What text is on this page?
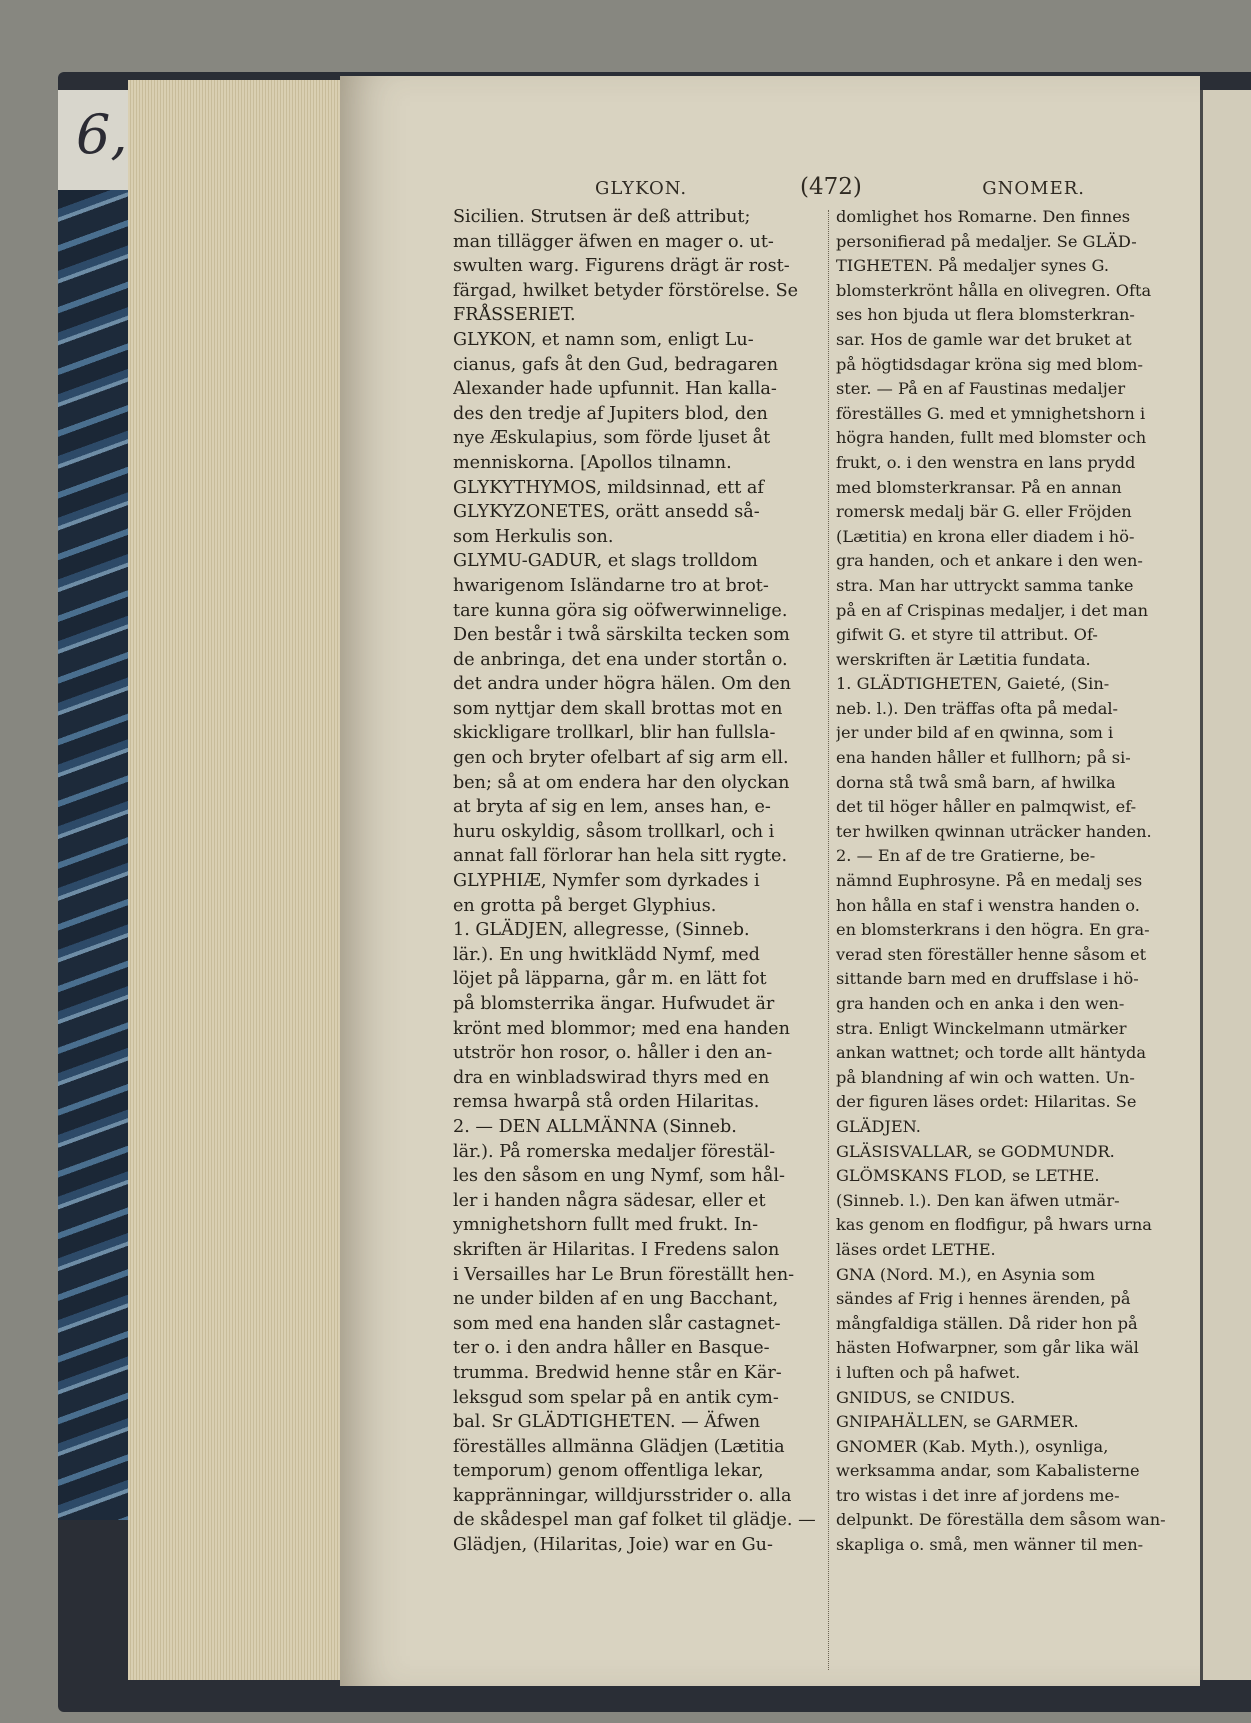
6,
GLYKON.	(472)	GNOMER.
Sicilien. Strutsen är deß attribut;
man tillägger äfwen en mager o. ut-
swulten warg. Figurens drägt är rost-
färgad, hwilket betyder förstörelse. Se
FRÅSSERIET.
GLYKON, et namn som, enligt Lu-
cianus, gafs åt den Gud, bedragaren
Alexander hade upfunnit. Han kalla-
des den tredje af Jupiters blod, den
nye Æskulapius, som förde ljuset åt
menniskorna. [Apollos tilnamn.
GLYKYTHYMOS, mildsinnad, ett af
GLYKYZONETES, orätt ansedd så-
som Herkulis son.
GLYMU-GADUR, et slags trolldom
hwarigenom Isländarne tro at brot-
tare kunna göra sig oöfwerwinnelige.
Den består i twå särskilta tecken som
de anbringa, det ena under stortån o.
det andra under högra hälen. Om den
som nyttjar dem skall brottas mot en
skickligare trollkarl, blir han fullsla-
gen och bryter ofelbart af sig arm ell.
ben; så at om endera har den olyckan
at bryta af sig en lem, anses han, e-
huru oskyldig, såsom trollkarl, och i
annat fall förlorar han hela sitt rygte.
GLYPHIÆ, Nymfer som dyrkades i
en grotta på berget Glyphius.
1. GLÄDJEN, allegresse, (Sinneb.
lär.). En ung hwitklädd Nymf, med
löjet på läpparna, går m. en lätt fot
på blomsterrika ängar. Hufwudet är
krönt med blommor; med ena handen
utströr hon rosor, o. håller i den an-
dra en winbladswirad thyrs med en
remsa hwarpå stå orden Hilaritas.
2. — DEN ALLMÄNNA (Sinneb.
lär.). På romerska medaljer förestäl-
les den såsom en ung Nymf, som hål-
ler i handen några sädesar, eller et
ymnighetshorn fullt med frukt. In-
skriften är Hilaritas. I Fredens salon
i Versailles har Le Brun föreställt hen-
ne under bilden af en ung Bacchant,
som med ena handen slår castagnet-
ter o. i den andra håller en Basque-
trumma. Bredwid henne står en Kär-
leksgud som spelar på en antik cym-
bal. Sr GLÄDTIGHETEN. — Äfwen
föreställes allmänna Glädjen (Lætitia
temporum) genom offentliga lekar,
kappränningar, willdjursstrider o. alla
de skådespel man gaf folket til glädje. —
Glädjen, (Hilaritas, Joie) war en Gu-
domlighet hos Romarne. Den finnes
personifierad på medaljer. Se GLÄD-
TIGHETEN. På medaljer synes G.
blomsterkrönt hålla en olivegren. Ofta
ses hon bjuda ut flera blomsterkran-
sar. Hos de gamle war det bruket at
på högtidsdagar kröna sig med blom-
ster. — På en af Faustinas medaljer
föreställes G. med et ymnighetshorn i
högra handen, fullt med blomster och
frukt, o. i den wenstra en lans prydd
med blomsterkransar. På en annan
romersk medalj bär G. eller Fröjden
(Lætitia) en krona eller diadem i hö-
gra handen, och et ankare i den wen-
stra. Man har uttryckt samma tanke
på en af Crispinas medaljer, i det man
gifwit G. et styre til attribut. Of-
werskriften är Lætitia fundata.
1. GLÄDTIGHETEN, Gaieté, (Sin-
neb. l.). Den träffas ofta på medal-
jer under bild af en qwinna, som i
ena handen håller et fullhorn; på si-
dorna stå twå små barn, af hwilka
det til höger håller en palmqwist, ef-
ter hwilken qwinnan uträcker handen.
2. — En af de tre Gratierne, be-
nämnd Euphrosyne. På en medalj ses
hon hålla en staf i wenstra handen o.
en blomsterkrans i den högra. En gra-
verad sten föreställer henne såsom et
sittande barn med en druffslase i hö-
gra handen och en anka i den wen-
stra. Enligt Winckelmann utmärker
ankan wattnet; och torde allt häntyda
på blandning af win och watten. Un-
der figuren läses ordet: Hilaritas. Se
GLÄDJEN.
GLÄSISVALLAR, se GODMUNDR.
GLÖMSKANS FLOD, se LETHE.
(Sinneb. l.). Den kan äfwen utmär-
kas genom en flodfigur, på hwars urna
läses ordet LETHE.
GNA (Nord. M.), en Asynia som
sändes af Frig i hennes ärenden, på
mångfaldiga ställen. Då rider hon på
hästen Hofwarpner, som går lika wäl
i luften och på hafwet.
GNIDUS, se CNIDUS.
GNIPAHÄLLEN, se GARMER.
GNOMER (Kab. Myth.), osynliga,
werksamma andar, som Kabalisterne
tro wistas i det inre af jordens me-
delpunkt. De föreställa dem såsom wan-
skapliga o. små, men wänner til men-
